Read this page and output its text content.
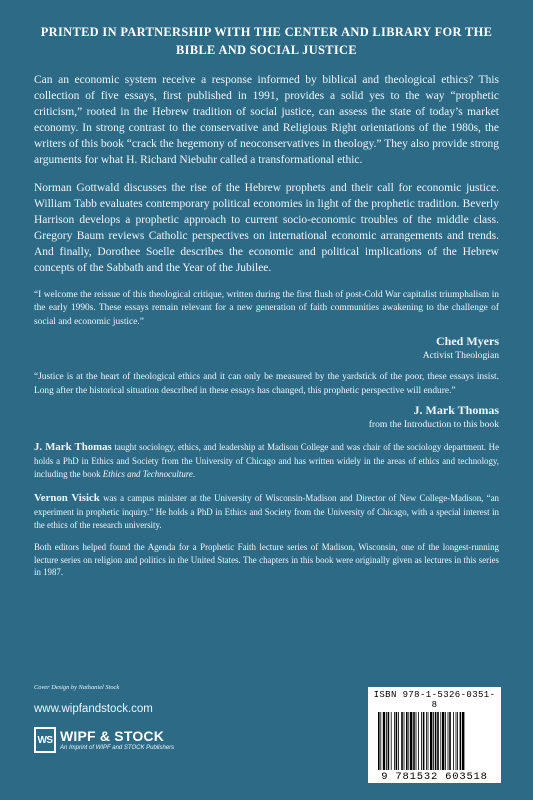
PRINTED IN PARTNERSHIP WITH THE CENTER AND LIBRARY FOR THE
BIBLE AND SOCIAL JUSTICE

Can an economic system receive a response informed by biblical and theological ethics? This collection of five essays, first published in 1991, provides a solid yes to the way “prophetic criticism,” rooted in the Hebrew tradition of social justice, can assess the state of today’s market economy. In strong contrast to the conservative and Religious Right orientations of the 1980s, the writers of this book “crack the hegemony of neoconservatives in theology.” They also provide strong arguments for what H. Richard Niebuhr called a transformational ethic.

Norman Gottwald discusses the rise of the Hebrew prophets and their call for economic justice. William Tabb evaluates contemporary political economies in light of the prophetic tradition. Beverly Harrison develops a prophetic approach to current socio-economic troubles of the middle class. Gregory Baum reviews Catholic perspectives on international economic arrangements and trends. And finally, Dorothee Soelle describes the economic and political implications of the Hebrew concepts of the Sabbath and the Year of the Jubilee.

“I welcome the reissue of this theological critique, written during the first flush of post-Cold War capitalist triumphalism in the early 1990s. These essays remain relevant for a new generation of faith communities awakening to the challenge of social and economic justice.”

Ched Myers

Activist Theologian

“Justice is at the heart of theological ethics and it can only be measured by the yardstick of the poor, these essays insist. Long after the historical situation described in these essays has changed, this prophetic perspective will endure.”

J. Mark Thomas

from the Introduction to this book

J. Mark Thomas taught sociology, ethics, and leadership at Madison College and was chair of the sociology department. He holds a PhD in Ethics and Society from the University of Chicago and has written widely in the areas of ethics and technology, including the book Ethics and Technoculture.

Vernon Visick was a campus minister at the University of Wisconsin-Madison and Director of New College-Madison, “an experiment in prophetic inquiry.” He holds a PhD in Ethics and Society from the University of Chicago, with a special interest in the ethics of the research university.

Both editors helped found the Agenda for a Prophetic Faith lecture series of Madison, Wisconsin, one of the longest-running lecture series on religion and politics in the United States. The chapters in this book were originally given as lectures in this series in 1987.

Cover Design by Nathaniel Stock
www.wipfandstock.com
WS WIPF & STOCK
An Imprint of WIPF and STOCK Publishers
ISBN 978-1-5326-0351-8
9 781532 603518
